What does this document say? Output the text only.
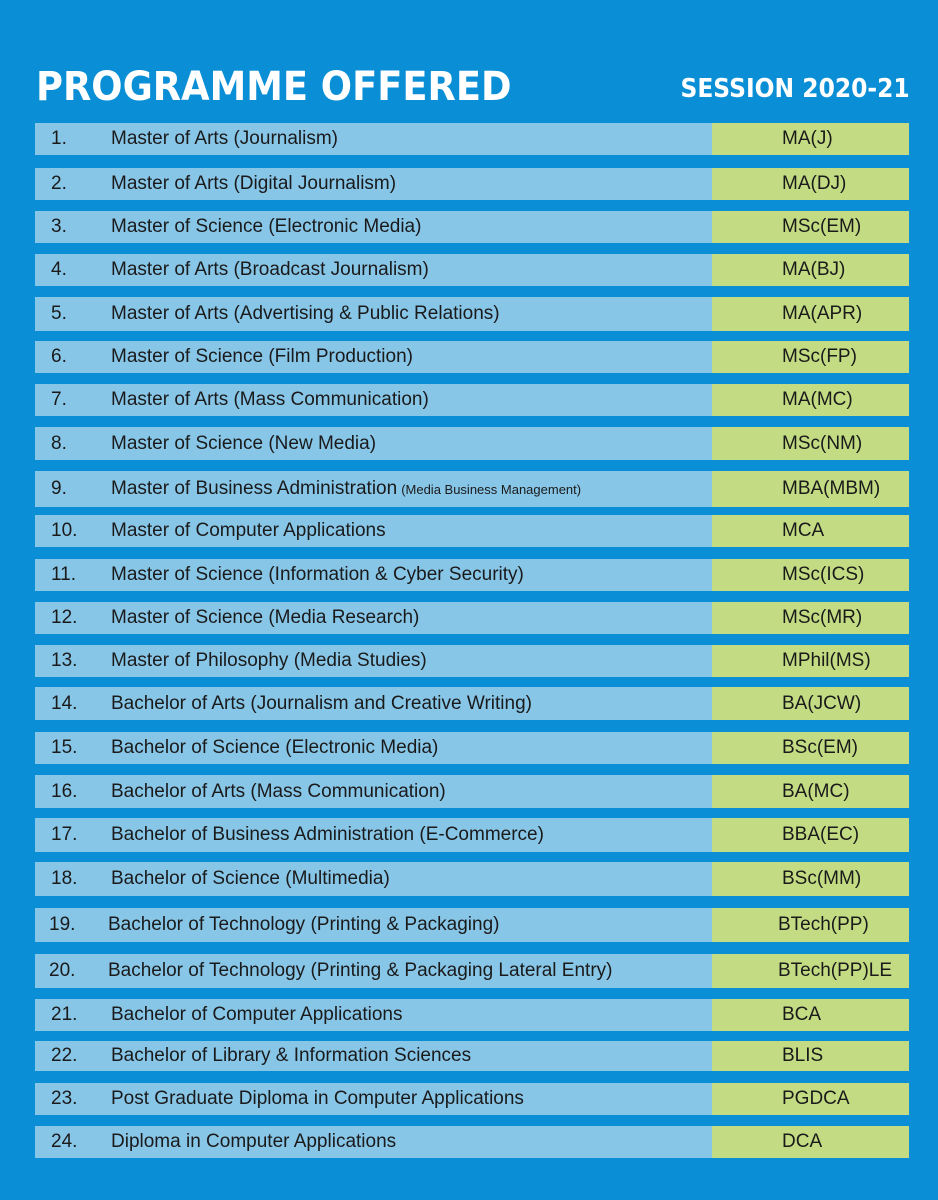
PROGRAMME OFFERED	SESSION 2020-21
1.	Master of Arts (Journalism)	MA(J)
2.	Master of Arts (Digital Journalism)	MA(DJ)
3.	Master of Science (Electronic Media)	MSc(EM)
4.	Master of Arts (Broadcast Journalism)	MA(BJ)
5.	Master of Arts (Advertising & Public Relations)	MA(APR)
6.	Master of Science (Film Production)	MSc(FP)
7.	Master of Arts (Mass Communication)	MA(MC)
8.	Master of Science (New Media)	MSc(NM)
9.	Master of Business Administration (Media Business Management)	MBA(MBM)
10.	Master of Computer Applications	MCA
11.	Master of Science (Information & Cyber Security)	MSc(ICS)
12.	Master of Science (Media Research)	MSc(MR)
13.	Master of Philosophy (Media Studies)	MPhil(MS)
14.	Bachelor of Arts (Journalism and Creative Writing)	BA(JCW)
15.	Bachelor of Science (Electronic Media)	BSc(EM)
16.	Bachelor of Arts (Mass Communication)	BA(MC)
17.	Bachelor of Business Administration (E-Commerce)	BBA(EC)
18.	Bachelor of Science (Multimedia)	BSc(MM)
19.	Bachelor of Technology (Printing & Packaging)	BTech(PP)
20.	Bachelor of Technology (Printing & Packaging Lateral Entry)	BTech(PP)LE
21.	Bachelor of Computer Applications	BCA
22.	Bachelor of Library & Information Sciences	BLIS
23.	Post Graduate Diploma in Computer Applications	PGDCA
24.	Diploma in Computer Applications	DCA
